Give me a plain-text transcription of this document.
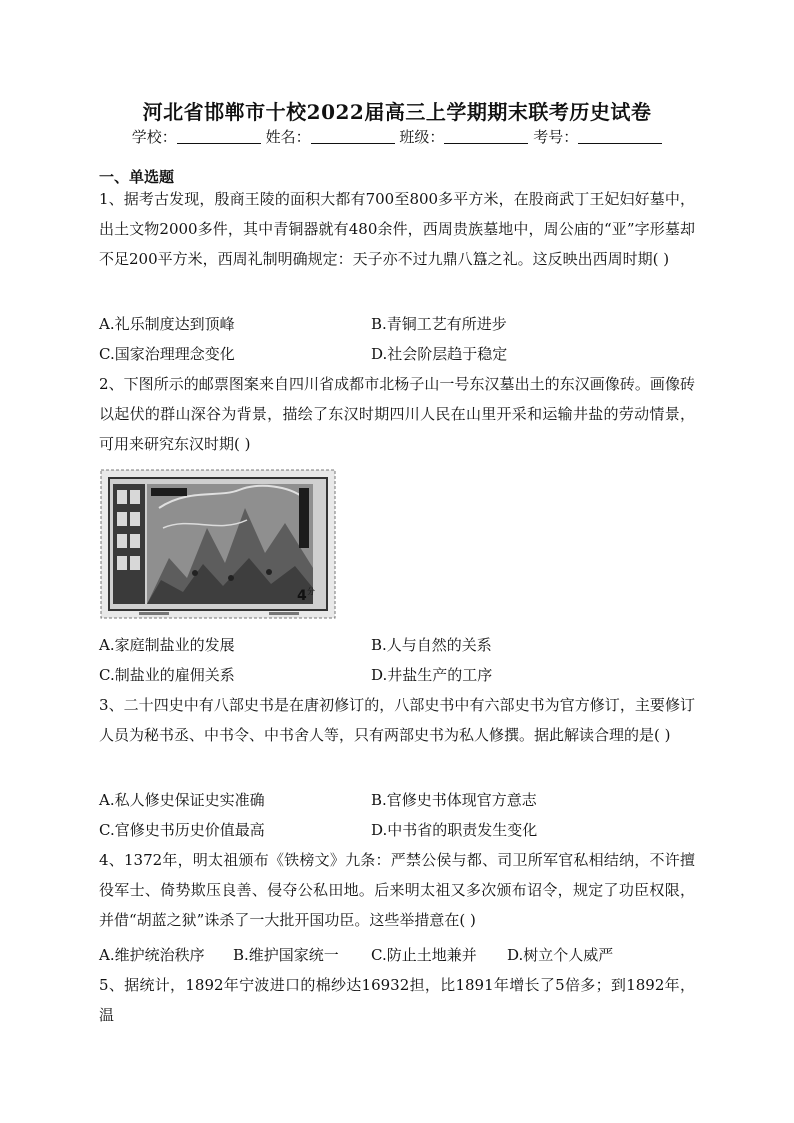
河北省邯郸市十校2022届高三上学期期末联考历史试卷
学校：	姓名：	班级：	考号：
一、单选题
1、据考古发现，殷商王陵的面积大都有700至800多平方米，在股商武丁王妃妇好墓中，出土文物2000多件，其中青铜器就有480余件，西周贵族墓地中，周公庙的“亚”字形墓却不足200平方米，西周礼制明确规定：天子亦不过九鼎八簋之礼。这反映出西周时期( )
A.礼乐制度达到顶峰	B.青铜工艺有所进步
C.国家治理理念变化	D.社会阶层趋于稳定
2、下图所示的邮票图案来自四川省成都市北杨子山一号东汉墓出土的东汉画像砖。画像砖以起伏的群山深谷为背景，描绘了东汉时期四川人民在山里开采和运输井盐的劳动情景，可用来研究东汉时期( )
4 分
A.家庭制盐业的发展	B.人与自然的关系
C.制盐业的雇佣关系	D.井盐生产的工序
3、二十四史中有八部史书是在唐初修订的，八部史书中有六部史书为官方修订，主要修订人员为秘书丞、中书令、中书舍人等，只有两部史书为私人修撰。据此解读合理的是( )
A.私人修史保证史实准确	B.官修史书体现官方意志
C.官修史书历史价值最高	D.中书省的职责发生变化
4、1372年，明太祖颁布《铁榜文》九条：严禁公侯与都、司卫所军官私相结纳，不许擅役军士、倚势欺压良善、侵夺公私田地。后来明太祖又多次颁布诏令，规定了功臣权限，并借“胡蓝之狱”诛杀了一大批开国功臣。这些举措意在( )
A.维护统治秩序 B.维护国家统一 C.防止土地兼并 D.树立个人威严
5、据统计，1892年宁波进口的棉纱达16932担，比1891年增长了5倍多；到1892年，温
